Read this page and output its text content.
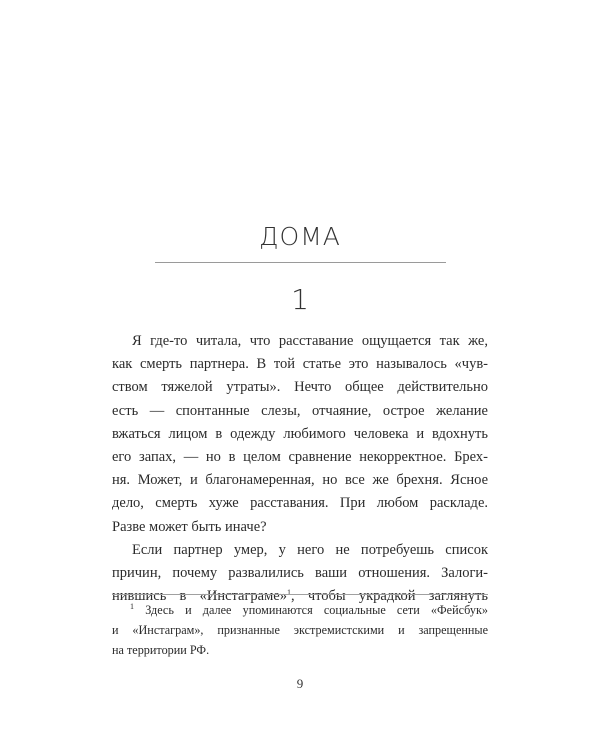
ДОМА
1
Я где-то читала, что расставание ощущается так же,
как смерть партнера. В той статье это называлось «чув-
ством тяжелой утраты». Нечто общее действительно
есть — спонтанные слезы, отчаяние, острое желание
вжаться лицом в одежду любимого человека и вдохнуть
его запах, — но в целом сравнение некорректное. Брех-
ня. Может, и благонамеренная, но все же брехня. Ясное
дело, смерть хуже расставания. При любом раскладе.
Разве может быть иначе?
Если партнер умер, у него не потребуешь список
причин, почему развалились ваши отношения. Залоги-
нившись в «Инстаграме»$^1$, чтобы украдкой заглянуть
$^1$ Здесь и далее упоминаются социальные сети «Фейсбук»
и «Инстаграм», признанные экстремистскими и запрещенные
на территории РФ.
9
